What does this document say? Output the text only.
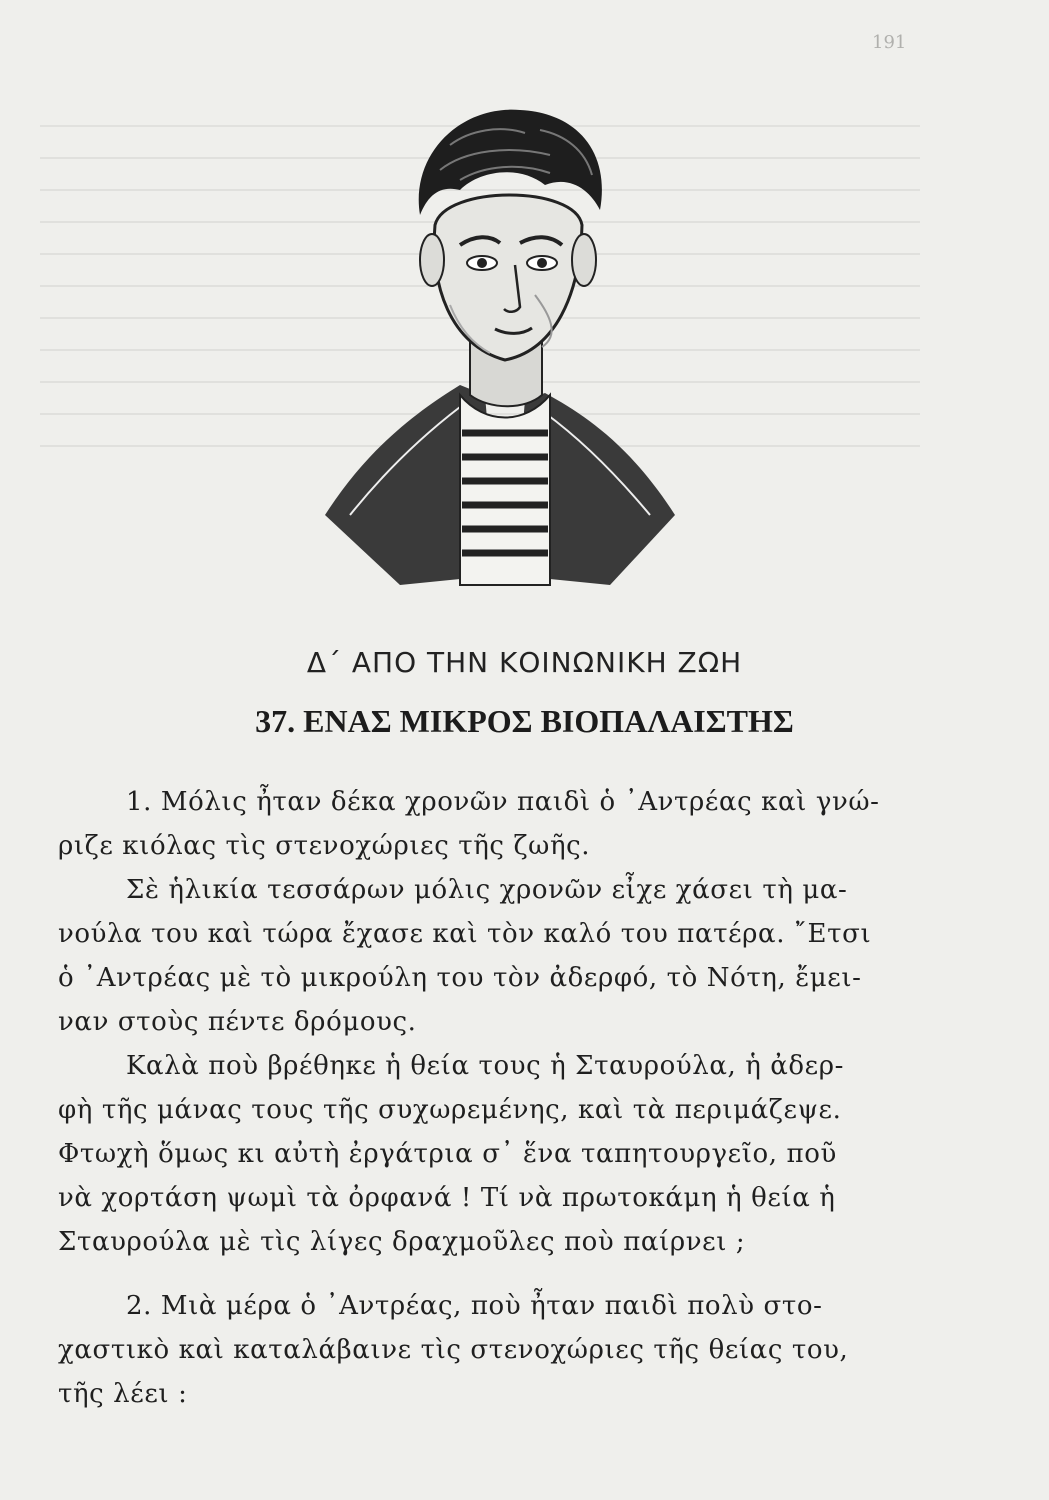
191
Δ΄ ΑΠΟ ΤΗΝ ΚΟΙΝΩΝΙΚΗ ΖΩΗ
37. ΕΝΑΣ ΜΙΚΡΟΣ ΒΙΟΠΑΛΑΙΣΤΗΣ

1. Μόλις ἦταν δέκα χρονῶν παιδὶ ὁ ᾽Αντρέας καὶ γνώ-

ριζε κιόλας τὶς στενοχώριες τῆς ζωῆς.

Σὲ ἡλικία τεσσάρων μόλις χρονῶν εἶχε χάσει τὴ μα-

νούλα του καὶ τώρα ἔχασε καὶ τὸν καλό του πατέρα. ῎Ετσι

ὁ ᾽Αντρέας μὲ τὸ μικρούλη του τὸν ἀδερφό, τὸ Νότη, ἔμει-

ναν στοὺς πέντε δρόμους.

Καλὰ ποὺ βρέθηκε ἡ θεία τους ἡ Σταυρούλα, ἡ ἀδερ-

φὴ τῆς μάνας τους τῆς συχωρεμένης, καὶ τὰ περιμάζεψε.

Φτωχὴ ὅμως κι αὐτὴ ἐργάτρια σ᾽ ἕνα ταπητουργεῖο, ποῦ

νὰ χορτάση ψωμὶ τὰ ὀρφανά ! Τί νὰ πρωτοκάμη ἡ θεία ἡ

Σταυρούλα μὲ τὶς λίγες δραχμοῦλες ποὺ παίρνει ;

2. Μιὰ μέρα ὁ ᾽Αντρέας, ποὺ ἦταν παιδὶ πολὺ στο-

χαστικὸ καὶ καταλάβαινε τὶς στενοχώριες τῆς θείας του,

τῆς λέει :
